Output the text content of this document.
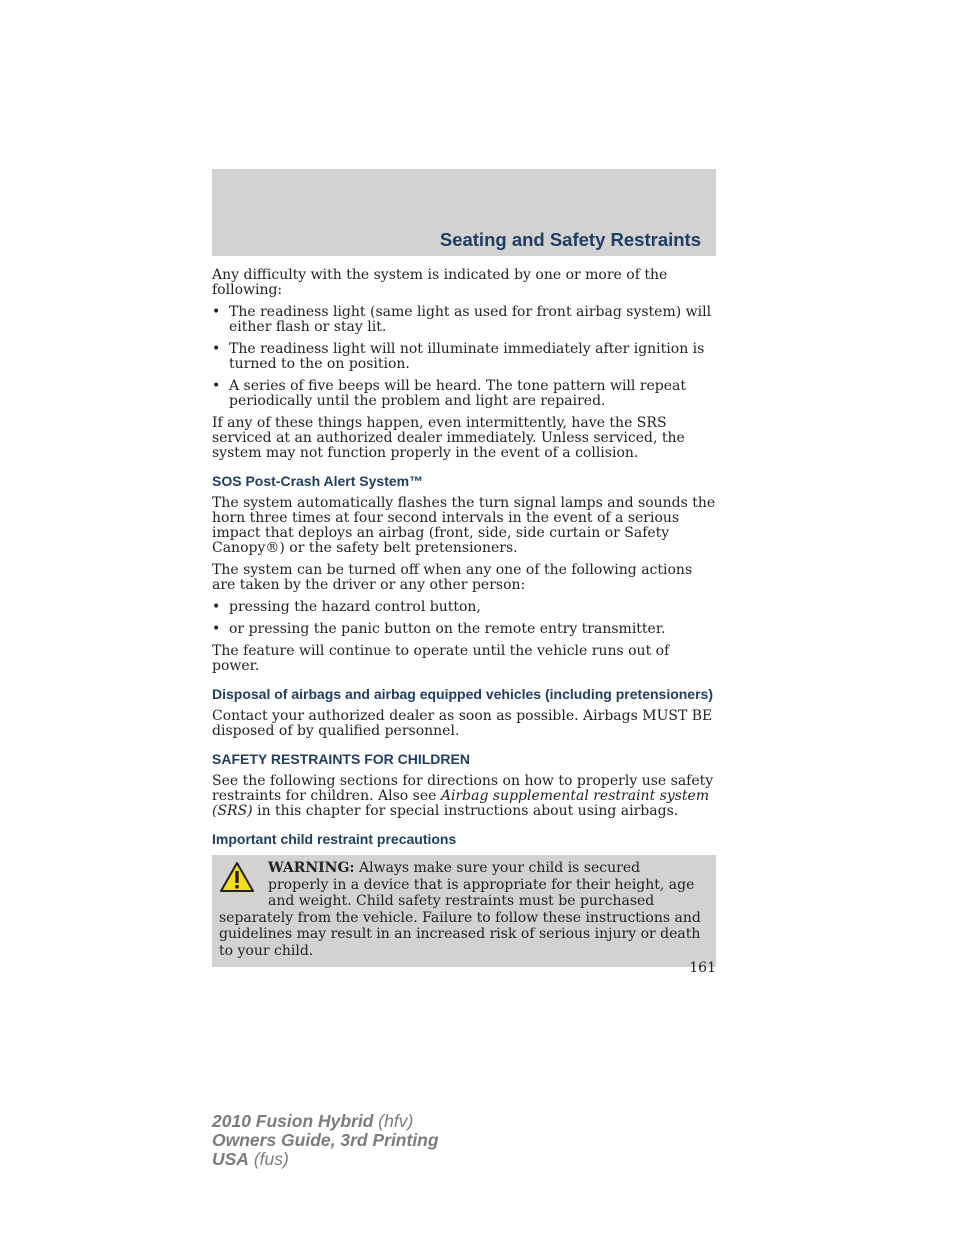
Seating and Safety Restraints

Any difficulty with the system is indicated by one or more of the following:

• The readiness light (same light as used for front airbag system) will either flash or stay lit.
• The readiness light will not illuminate immediately after ignition is turned to the on position.
• A series of five beeps will be heard. The tone pattern will repeat periodically until the problem and light are repaired.

If any of these things happen, even intermittently, have the SRS serviced at an authorized dealer immediately. Unless serviced, the system may not function properly in the event of a collision.

SOS Post-Crash Alert System™

The system automatically flashes the turn signal lamps and sounds the horn three times at four second intervals in the event of a serious impact that deploys an airbag (front, side, side curtain or Safety Canopy®) or the safety belt pretensioners.

The system can be turned off when any one of the following actions are taken by the driver or any other person:

• pressing the hazard control button,
• or pressing the panic button on the remote entry transmitter.

The feature will continue to operate until the vehicle runs out of power.

Disposal of airbags and airbag equipped vehicles (including pretensioners)

Contact your authorized dealer as soon as possible. Airbags MUST BE disposed of by qualified personnel.

SAFETY RESTRAINTS FOR CHILDREN

See the following sections for directions on how to properly use safety restraints for children. Also see Airbag supplemental restraint system (SRS) in this chapter for special instructions about using airbags.

Important child restraint precautions
WARNING: Always make sure your child is secured properly in a device that is appropriate for their height, age and weight. Child safety restraints must be purchased separately from the vehicle. Failure to follow these instructions and guidelines may result in an increased risk of serious injury or death to your child.
161
2010 Fusion Hybrid (hfv)
Owners Guide, 3rd Printing
USA (fus)
